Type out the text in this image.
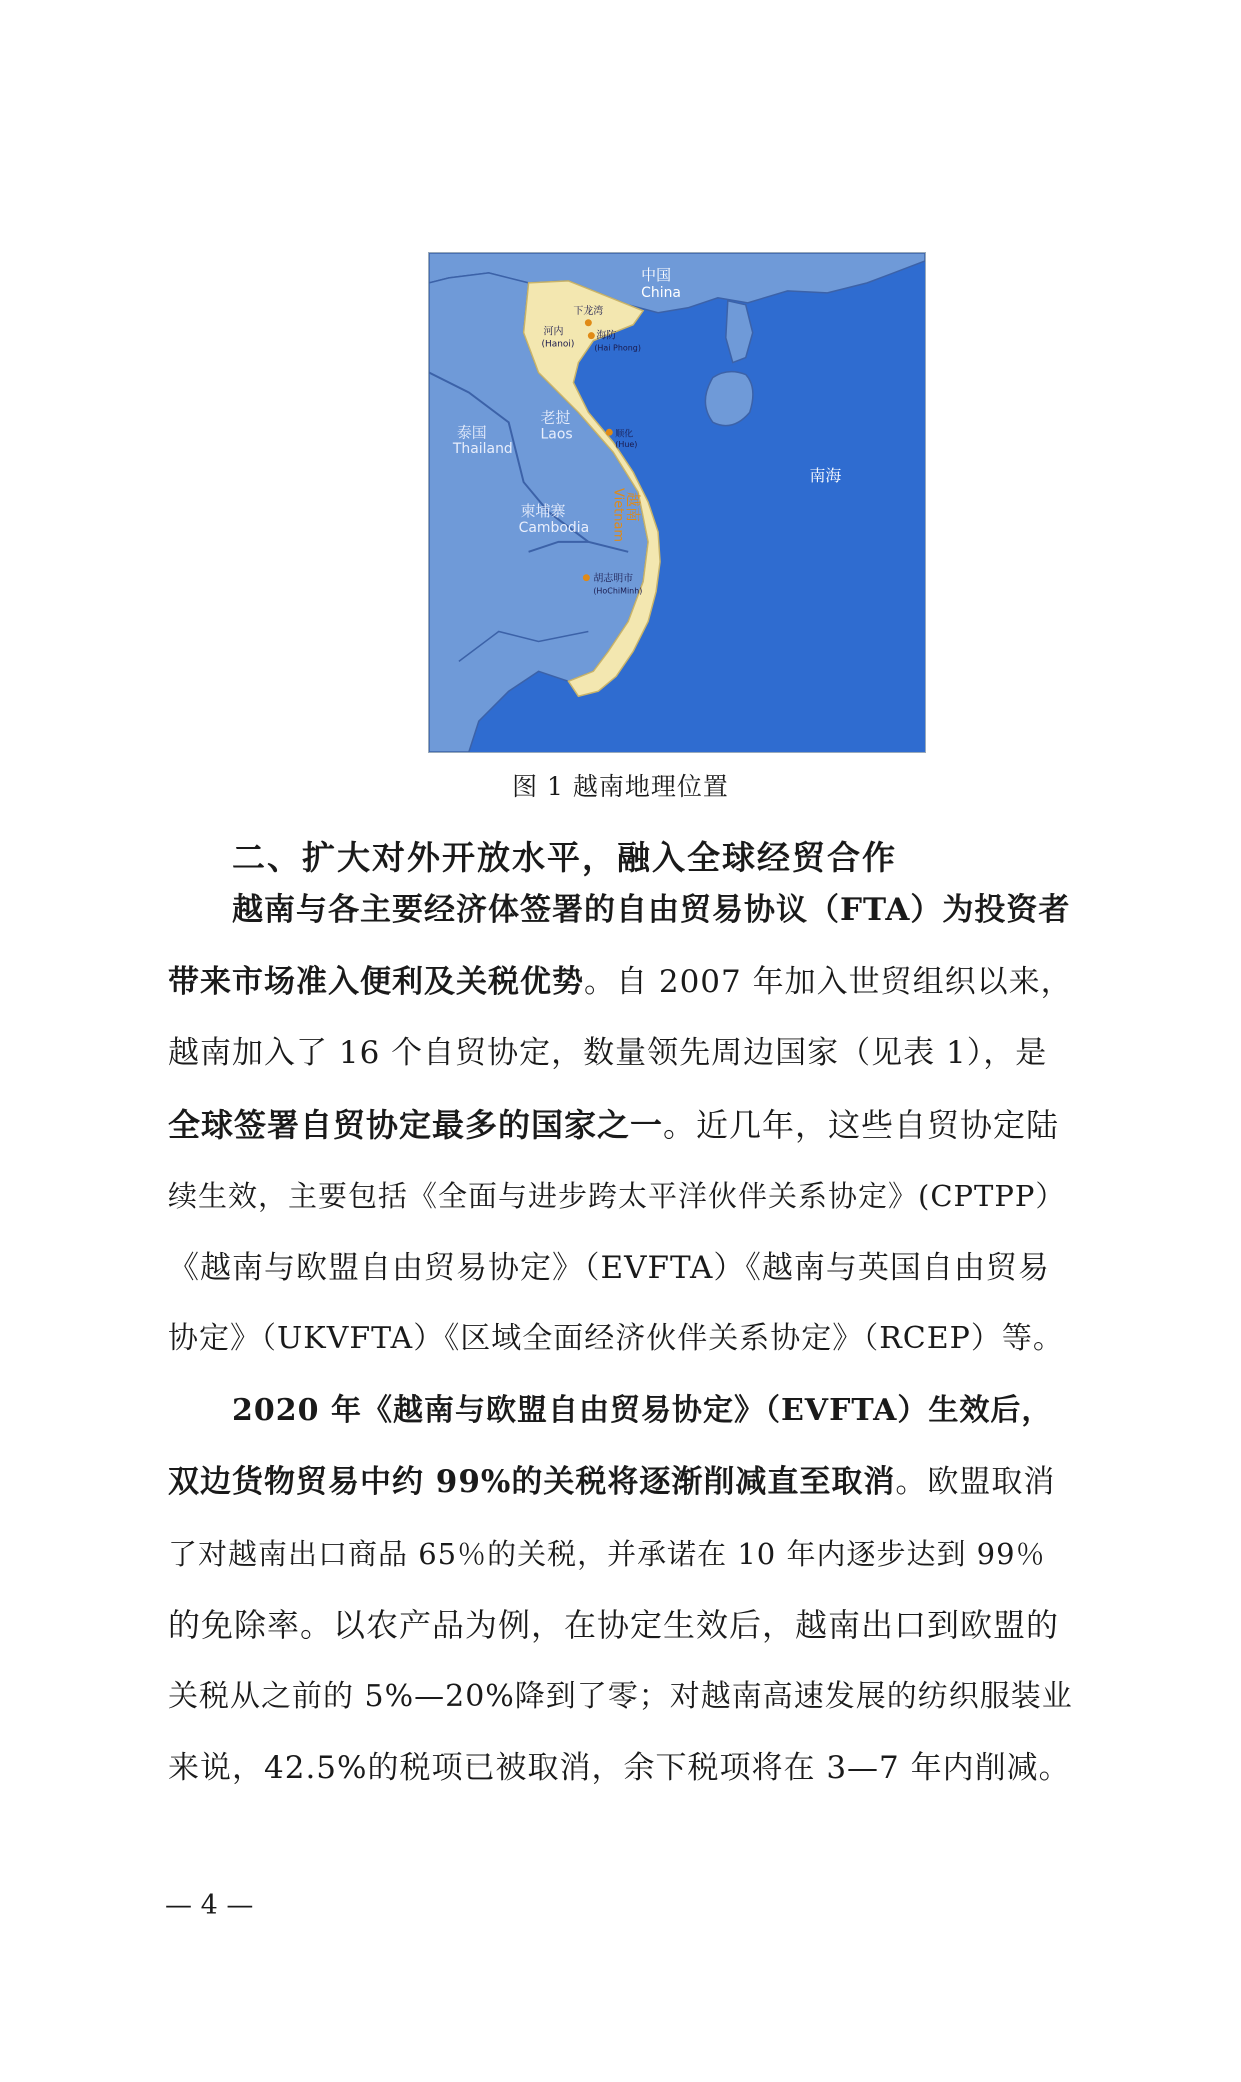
中国
China
南海
下龙湾
河内
(Hanoi)
海防
(Hai Phong)
顺化
(Hue)
胡志明市
(HoChiMinh)
泰国
Thailand
老挝
Laos
柬埔寨
Cambodia
越南
Vietnam
图 1 越南地理位置
二、扩大对外开放水平，融入全球经贸合作
越南与各主要经济体签署的自由贸易协议（FTA）为投资者
带来市场准入便利及关税优势。自 2007 年加入世贸组织以来，
越南加入了 16 个自贸协定，数量领先周边国家（见表 1），是
全球签署自贸协定最多的国家之一。近几年，这些自贸协定陆
续生效，主要包括《全面与进步跨太平洋伙伴关系协定》(CPTPP）
《越南与欧盟自由贸易协定》（EVFTA）《越南与英国自由贸易
协定》（UKVFTA）《区域全面经济伙伴关系协定》（RCEP）等。
2020 年《越南与欧盟自由贸易协定》（EVFTA）生效后，
双边货物贸易中约 99%的关税将逐渐削减直至取消。欧盟取消
了对越南出口商品 65％的关税，并承诺在 10 年内逐步达到 99％
的免除率。以农产品为例，在协定生效后，越南出口到欧盟的
关税从之前的 5%—20%降到了零；对越南高速发展的纺织服装业
来说，42.5%的税项已被取消，余下税项将在 3—7 年内削减。
— 4 —
